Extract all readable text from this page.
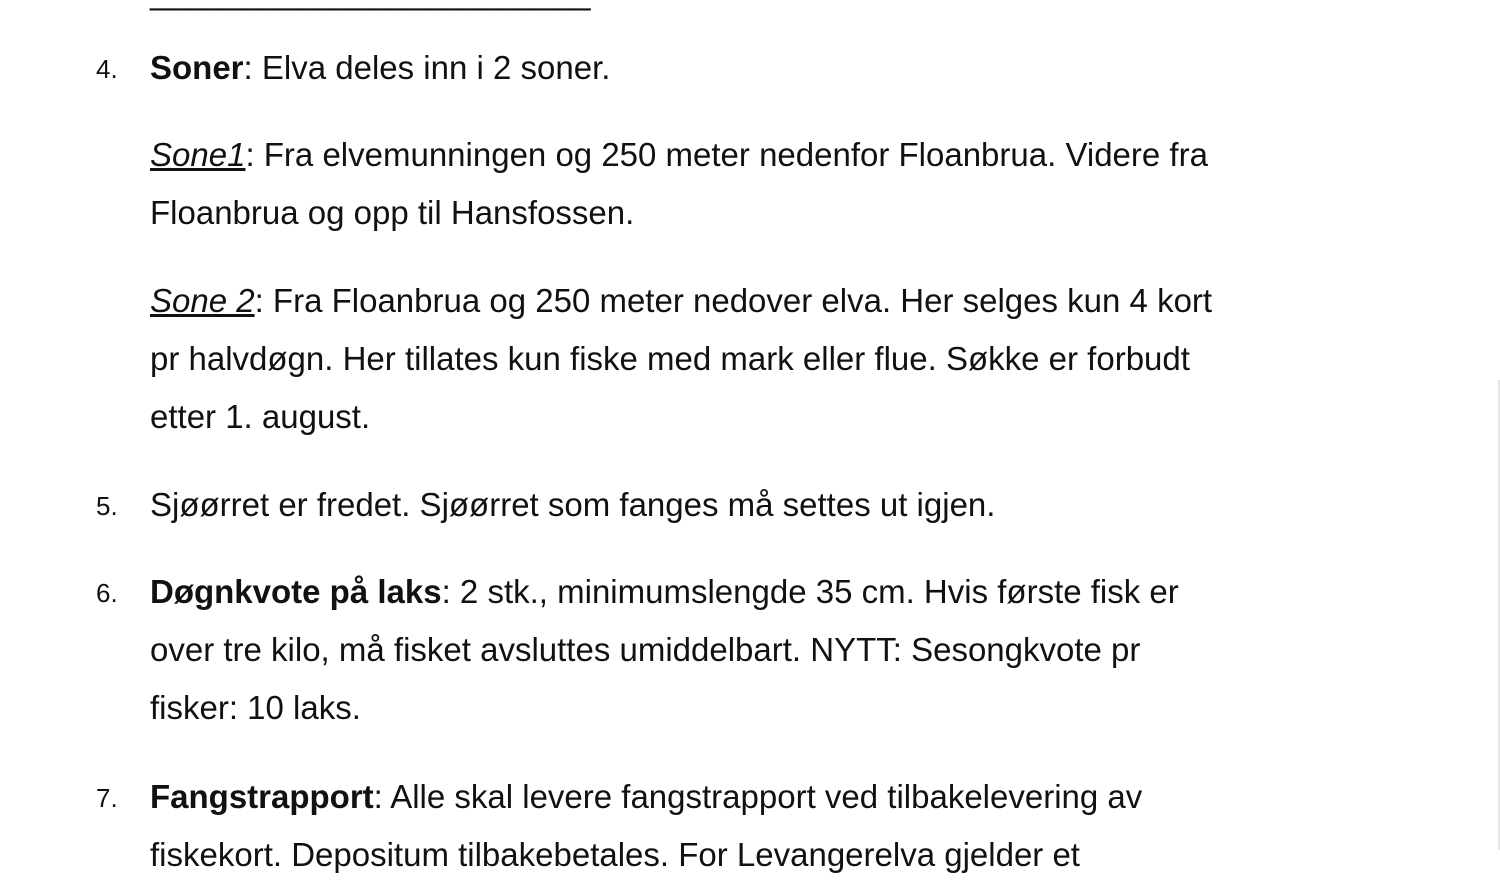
4. Soner: Elva deles inn i 2 soner.
Sone1: Fra elvemunningen og 250 meter nedenfor Floanbrua. Videre fra
Floanbrua og opp til Hansfossen.
Sone 2: Fra Floanbrua og 250 meter nedover elva. Her selges kun 4 kort
pr halvdøgn. Her tillates kun fiske med mark eller flue. Søkke er forbudt
etter 1. august.
5. Sjøørret er fredet. Sjøørret som fanges må settes ut igjen.
6. Døgnkvote på laks: 2 stk., minimumslengde 35 cm. Hvis første fisk er
over tre kilo, må fisket avsluttes umiddelbart. NYTT: Sesongkvote pr
fisker: 10 laks.
7. Fangstrapport: Alle skal levere fangstrapport ved tilbakelevering av
fiskekort. Depositum tilbakebetales. For Levangerelva gjelder et
